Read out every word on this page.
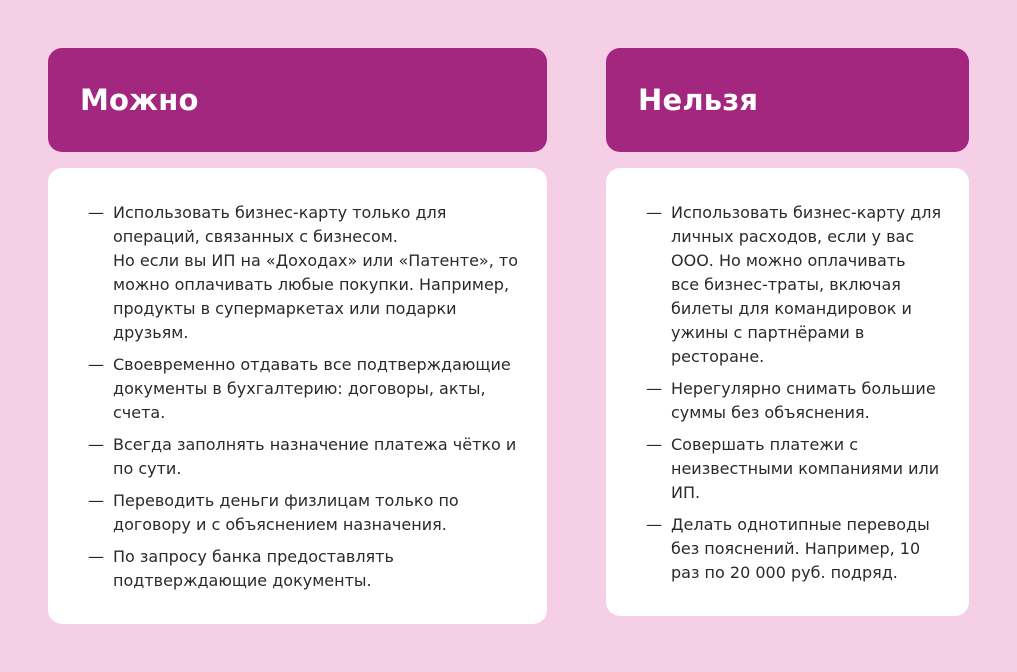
Можно	Нельзя
— Использовать бизнес-карту только для
операций, связанных с бизнесом.
Но если вы ИП на «Доходах» или «Патенте», то
можно оплачивать любые покупки. Например,
продукты в супермаркетах или подарки
друзьям.
— Своевременно отдавать все подтверждающие
документы в бухгалтерию: договоры, акты,
счета.
— Всегда заполнять назначение платежа чётко и
по сути.
— Переводить деньги физлицам только по
договору и с объяснением назначения.
— По запросу банка предоставлять
подтверждающие документы.
— Использовать бизнес-карту для
личных расходов, если у вас
ООО. Но можно оплачивать
все бизнес-траты, включая
билеты для командировок и
ужины с партнёрами в
ресторане.
— Нерегулярно снимать большие
суммы без объяснения.
— Совершать платежи с
неизвестными компаниями или
ИП.
— Делать однотипные переводы
без пояснений. Например, 10
раз по 20 000 руб. подряд.
